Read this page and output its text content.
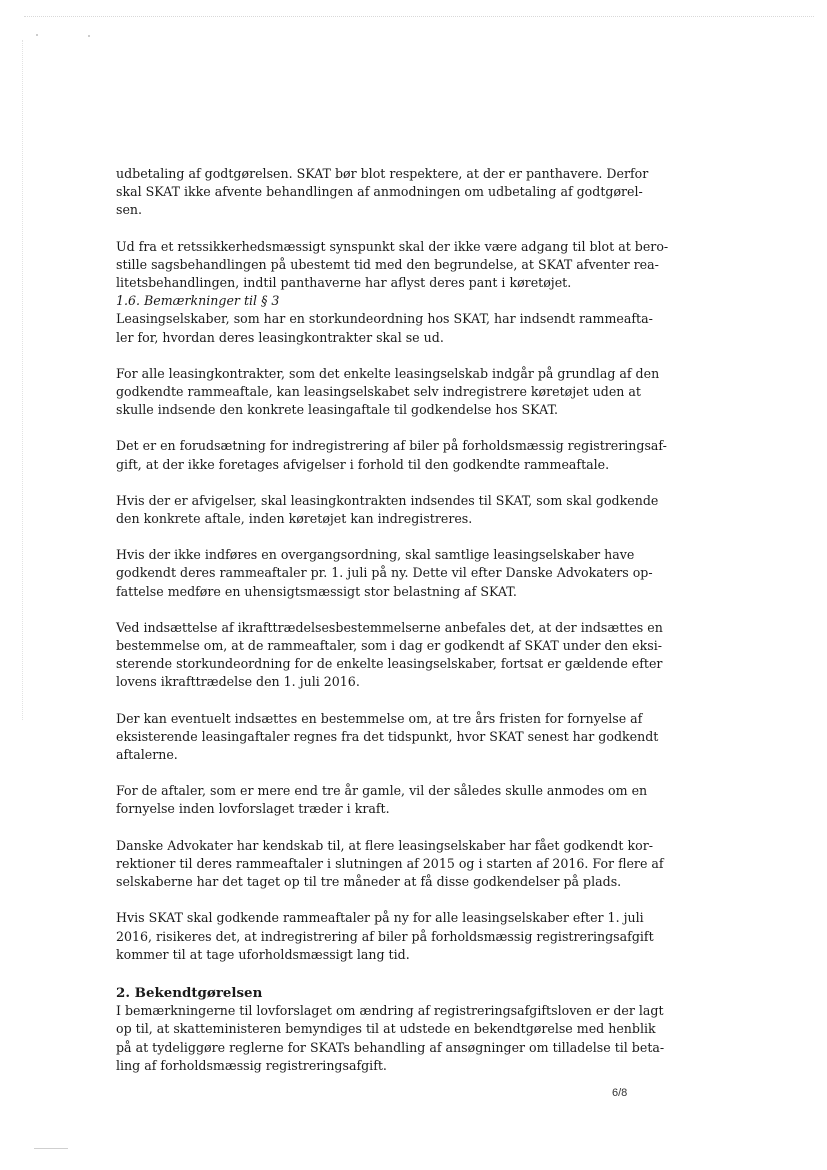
udbetaling af godtgørelsen. SKAT bør blot respektere, at der er panthavere. Derfor
skal SKAT ikke afvente behandlingen af anmodningen om udbetaling af godtgørel-
sen.
Ud fra et retssikkerhedsmæssigt synspunkt skal der ikke være adgang til blot at bero-
stille sagsbehandlingen på ubestemt tid med den begrundelse, at SKAT afventer rea-
litetsbehandlingen, indtil panthaverne har aflyst deres pant i køretøjet.
1.6. Bemærkninger til § 3
Leasingselskaber, som har en storkundeordning hos SKAT, har indsendt rammeafta-
ler for, hvordan deres leasingkontrakter skal se ud.
For alle leasingkontrakter, som det enkelte leasingselskab indgår på grundlag af den
godkendte rammeaftale, kan leasingselskabet selv indregistrere køretøjet uden at
skulle indsende den konkrete leasingaftale til godkendelse hos SKAT.
Det er en forudsætning for indregistrering af biler på forholdsmæssig registreringsaf-
gift, at der ikke foretages afvigelser i forhold til den godkendte rammeaftale.
Hvis der er afvigelser, skal leasingkontrakten indsendes til SKAT, som skal godkende
den konkrete aftale, inden køretøjet kan indregistreres.
Hvis der ikke indføres en overgangsordning, skal samtlige leasingselskaber have
godkendt deres rammeaftaler pr. 1. juli på ny. Dette vil efter Danske Advokaters op-
fattelse medføre en uhensigtsmæssigt stor belastning af SKAT.
Ved indsættelse af ikrafttrædelsesbestemmelserne anbefales det, at der indsættes en
bestemmelse om, at de rammeaftaler, som i dag er godkendt af SKAT under den eksi-
sterende storkundeordning for de enkelte leasingselskaber, fortsat er gældende efter
lovens ikrafttrædelse den 1. juli 2016.
Der kan eventuelt indsættes en bestemmelse om, at tre års fristen for fornyelse af
eksisterende leasingaftaler regnes fra det tidspunkt, hvor SKAT senest har godkendt
aftalerne.
For de aftaler, som er mere end tre år gamle, vil der således skulle anmodes om en
fornyelse inden lovforslaget træder i kraft.
Danske Advokater har kendskab til, at flere leasingselskaber har fået godkendt kor-
rektioner til deres rammeaftaler i slutningen af 2015 og i starten af 2016. For flere af
selskaberne har det taget op til tre måneder at få disse godkendelser på plads.
Hvis SKAT skal godkende rammeaftaler på ny for alle leasingselskaber efter 1. juli
2016, risikeres det, at indregistrering af biler på forholdsmæssig registreringsafgift
kommer til at tage uforholdsmæssigt lang tid.
2. Bekendtgørelsen
I bemærkningerne til lovforslaget om ændring af registreringsafgiftsloven er der lagt
op til, at skatteministeren bemyndiges til at udstede en bekendtgørelse med henblik
på at tydeliggøre reglerne for SKATs behandling af ansøgninger om tilladelse til beta-
ling af forholdsmæssig registreringsafgift.
6/8
